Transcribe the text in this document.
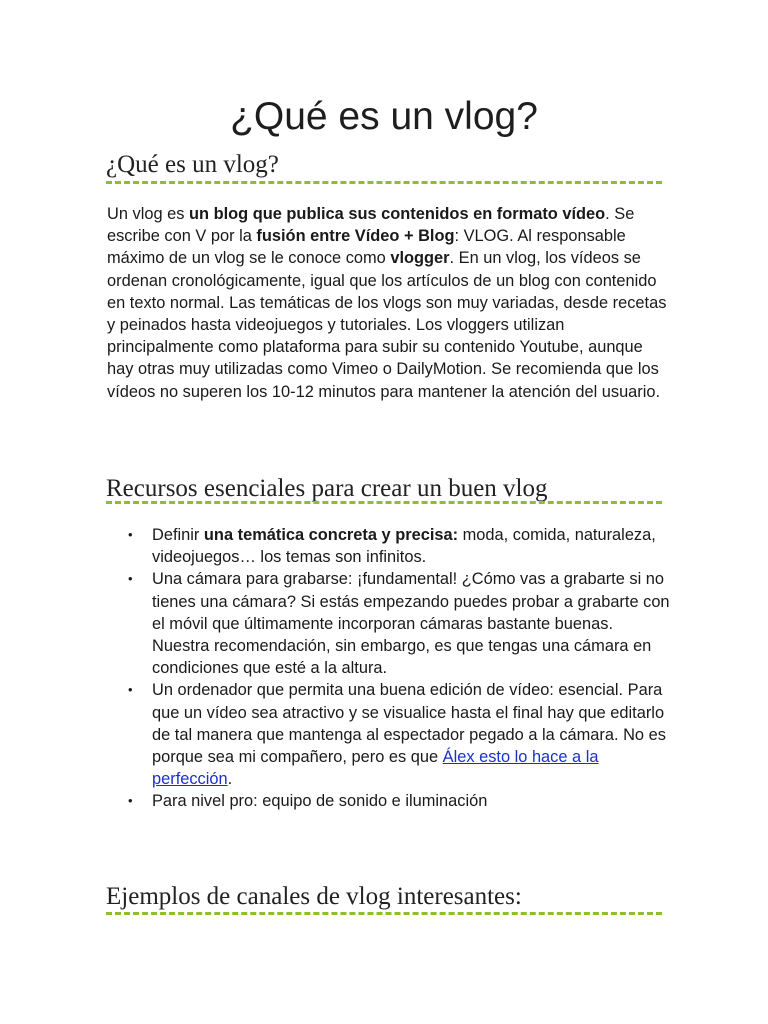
¿Qué es un vlog?
¿Qué es un vlog?

Un vlog es un blog que publica sus contenidos en formato vídeo. Se escribe con V por la fusión entre Vídeo + Blog: VLOG. Al responsable máximo de un vlog se le conoce como vlogger. En un vlog, los vídeos se ordenan cronológicamente, igual que los artículos de un blog con contenido en texto normal. Las temáticas de los vlogs son muy variadas, desde recetas y peinados hasta videojuegos y tutoriales. Los vloggers utilizan principalmente como plataforma para subir su contenido Youtube, aunque hay otras muy utilizadas como Vimeo o DailyMotion. Se recomienda que los vídeos no superen los 10-12 minutos para mantener la atención del usuario.

Recursos esenciales para crear un buen vlog
• Definir una temática concreta y precisa: moda, comida, naturaleza, videojuegos… los temas son infinitos.
• Una cámara para grabarse: ¡fundamental! ¿Cómo vas a grabarte si no tienes una cámara? Si estás empezando puedes probar a grabarte con el móvil que últimamente incorporan cámaras bastante buenas. Nuestra recomendación, sin embargo, es que tengas una cámara en condiciones que esté a la altura.
• Un ordenador que permita una buena edición de vídeo: esencial. Para que un vídeo sea atractivo y se visualice hasta el final hay que editarlo de tal manera que mantenga al espectador pegado a la cámara. No es porque sea mi compañero, pero es que Álex esto lo hace a la perfección.
• Para nivel pro: equipo de sonido e iluminación
Ejemplos de canales de vlog interesantes:
